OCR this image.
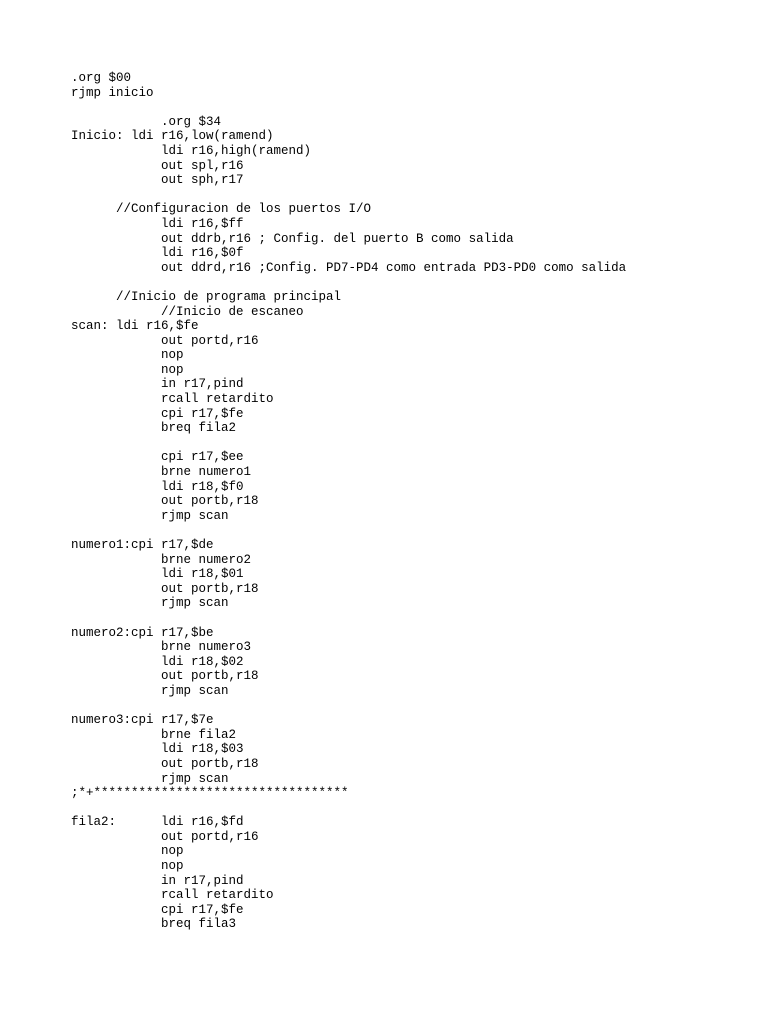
.org $00
rjmp inicio
.org $34
Inicio: ldi r16,low(ramend)
ldi r16,high(ramend)
out spl,r16
out sph,r17
//Configuracion de los puertos I/O
ldi r16,$ff
out ddrb,r16 ; Config. del puerto B como salida
ldi r16,$0f
out ddrd,r16 ;Config. PD7-PD4 como entrada PD3-PD0 como salida
//Inicio de programa principal
//Inicio de escaneo
scan: ldi r16,$fe
out portd,r16
nop
nop
in r17,pind
rcall retardito
cpi r17,$fe
breq fila2
cpi r17,$ee
brne numero1
ldi r18,$f0
out portb,r18
rjmp scan
numero1:cpi r17,$de
brne numero2
ldi r18,$01
out portb,r18
rjmp scan
numero2:cpi r17,$be
brne numero3
ldi r18,$02
out portb,r18
rjmp scan
numero3:cpi r17,$7e
brne fila2
ldi r18,$03
out portb,r18
rjmp scan
;*+**********************************
fila2:      ldi r16,$fd
out portd,r16
nop
nop
in r17,pind
rcall retardito
cpi r17,$fe
breq fila3
